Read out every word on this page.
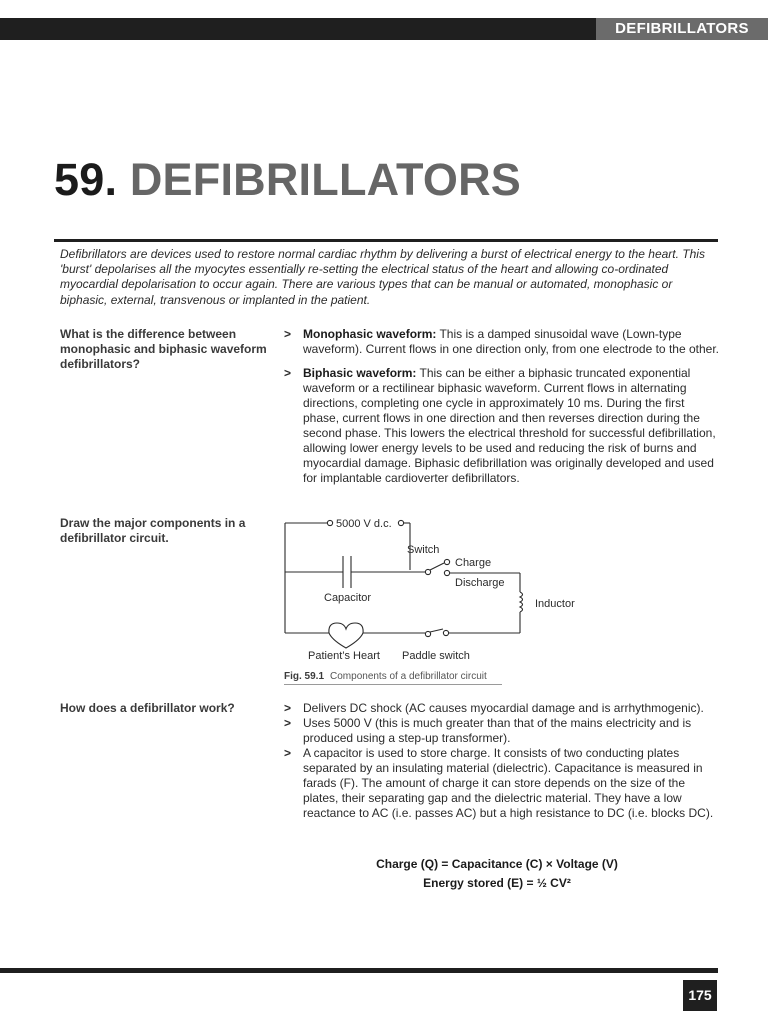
DEFIBRILLATORS
59. DEFIBRILLATORS

Defibrillators are devices used to restore normal cardiac rhythm by delivering a burst of electrical energy to the heart. This 'burst' depolarises all the myocytes essentially re-setting the electrical status of the heart and allowing co-ordinated myocardial depolarisation to occur again. There are various types that can be manual or automated, monophasic or biphasic, external, transvenous or implanted in the patient.

What is the difference between monophasic and biphasic waveform defibrillators?

> Monophasic waveform: This is a damped sinusoidal wave (Lown-type waveform). Current flows in one direction only, from one electrode to the other.
> Biphasic waveform: This can be either a biphasic truncated exponential waveform or a rectilinear biphasic waveform. Current flows in alternating directions, completing one cycle in approximately 10 ms. During the first phase, current flows in one direction and then reverses direction during the second phase. This lowers the electrical threshold for successful defibrillation, allowing lower energy levels to be used and reducing the risk of burns and myocardial damage. Biphasic defibrillation was originally developed and used for implantable cardioverter defibrillators.

Draw the major components in a defibrillator circuit.

5000 V d.c.
Switch
Charge
Discharge
Capacitor	Inductor
Patient’s Heart Paddle switch
Fig. 59.1 Components of a defibrillator circuit

How does a defibrillator work?

>	Delivers DC shock (AC causes myocardial damage and is arrhythmogenic).
> Uses 5000 V (this is much greater than that of the mains electricity and is produced using a step-up transformer).
> A capacitor is used to store charge. It consists of two conducting plates separated by an insulating material (dielectric). Capacitance is measured in farads (F). The amount of charge it can store depends on the size of the plates, their separating gap and the dielectric material. They have a low reactance to AC (i.e. passes AC) but a high resistance to DC (i.e. blocks DC).
Charge (Q) = Capacitance (C) × Voltage (V)
Energy stored (E) = ½ CV²
175
